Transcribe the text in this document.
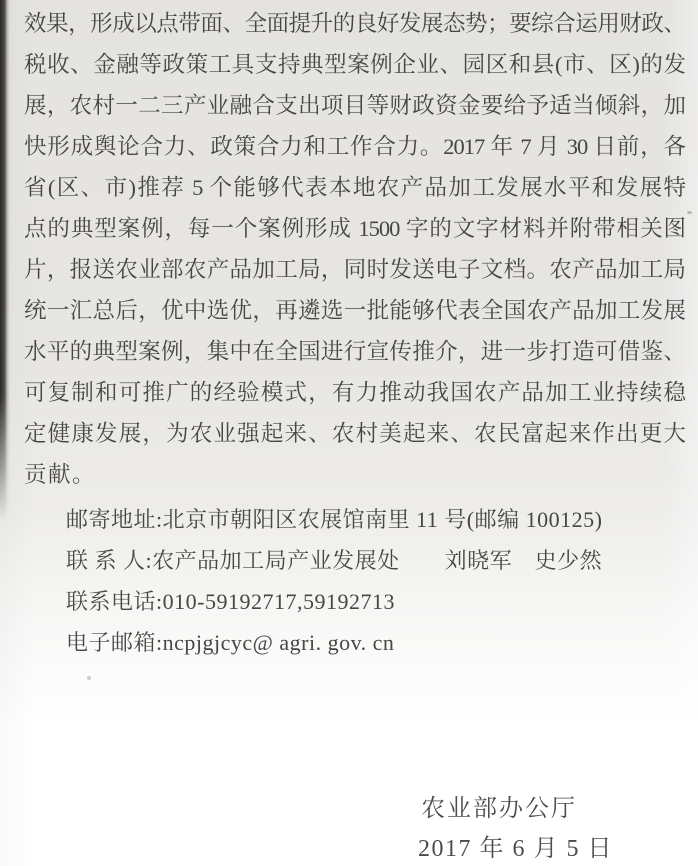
效果，形成以点带面、全面提升的良好发展态势；要综合运用财政、
税收、金融等政策工具支持典型案例企业、园区和县(市、区)的发
展，农村一二三产业融合支出项目等财政资金要给予适当倾斜，加
快形成舆论合力、政策合力和工作合力。2017 年 7 月 30 日前，各
省(区、市)推荐 5 个能够代表本地农产品加工发展水平和发展特
点的典型案例，每一个案例形成 1500 字的文字材料并附带相关图
片，报送农业部农产品加工局，同时发送电子文档。农产品加工局
统一汇总后，优中选优，再遴选一批能够代表全国农产品加工发展
水平的典型案例，集中在全国进行宣传推介，进一步打造可借鉴、
可复制和可推广的经验模式，有力推动我国农产品加工业持续稳
定健康发展，为农业强起来、农村美起来、农民富起来作出更大
贡献。
邮寄地址:北京市朝阳区农展馆南里 11 号(邮编 100125)
联 系 人:农产品加工局产业发展处　　刘晓军　史少然
联系电话:010-59192717,59192713
电子邮箱:ncpjgjcyc@ agri. gov. cn
农业部办公厅
2017 年 6 月 5 日
